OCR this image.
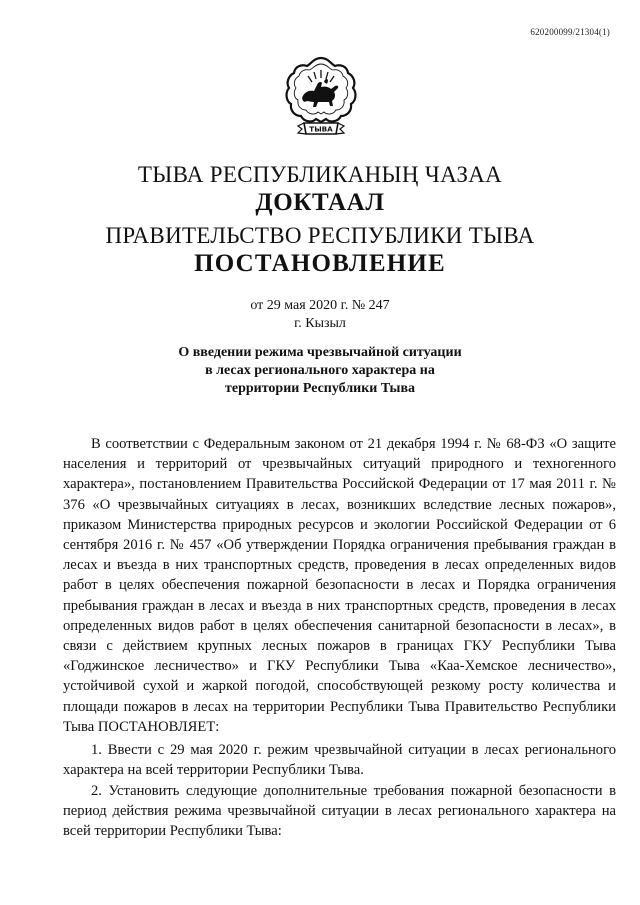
620200099/21304(1)
ТЫВА
ТЫВА РЕСПУБЛИКАНЫҢ ЧАЗАА
ДОКТААЛ
ПРАВИТЕЛЬСТВО РЕСПУБЛИКИ ТЫВА
ПОСТАНОВЛЕНИЕ
от 29 мая 2020 г. № 247
г. Кызыл
О введении режима чрезвычайной ситуации
в лесах регионального характера на
территории Республики Тыва

В соответствии с Федеральным законом от 21 декабря 1994 г. № 68-ФЗ «О защите населения и территорий от чрезвычайных ситуаций природного и техногенного характера», постановлением Правительства Российской Федерации от 17 мая 2011 г. № 376 «О чрезвычайных ситуациях в лесах, возникших вследствие лесных пожаров», приказом Министерства природных ресурсов и экологии Российской Федерации от 6 сентября 2016 г. № 457 «Об утверждении Порядка ограничения пребывания граждан в лесах и въезда в них транспортных средств, проведения в лесах определенных видов работ в целях обеспечения пожарной безопасности в лесах и Порядка ограничения пребывания граждан в лесах и въезда в них транспортных средств, проведения в лесах определенных видов работ в целях обеспечения санитарной безопасности в лесах», в связи с действием крупных лесных пожаров в границах ГКУ Республики Тыва «Годжинское лесничество» и ГКУ Республики Тыва «Каа-Хемское лесничество», устойчивой сухой и жаркой погодой, способствующей резкому росту количества и площади пожаров в лесах на территории Республики Тыва Правительство Республики Тыва ПОСТАНОВЛЯЕТ:

1. Ввести с 29 мая 2020 г. режим чрезвычайной ситуации в лесах регионального характера на всей территории Республики Тыва.

2. Установить следующие дополнительные требования пожарной безопасности в период действия режима чрезвычайной ситуации в лесах регионального характера на всей территории Республики Тыва:
